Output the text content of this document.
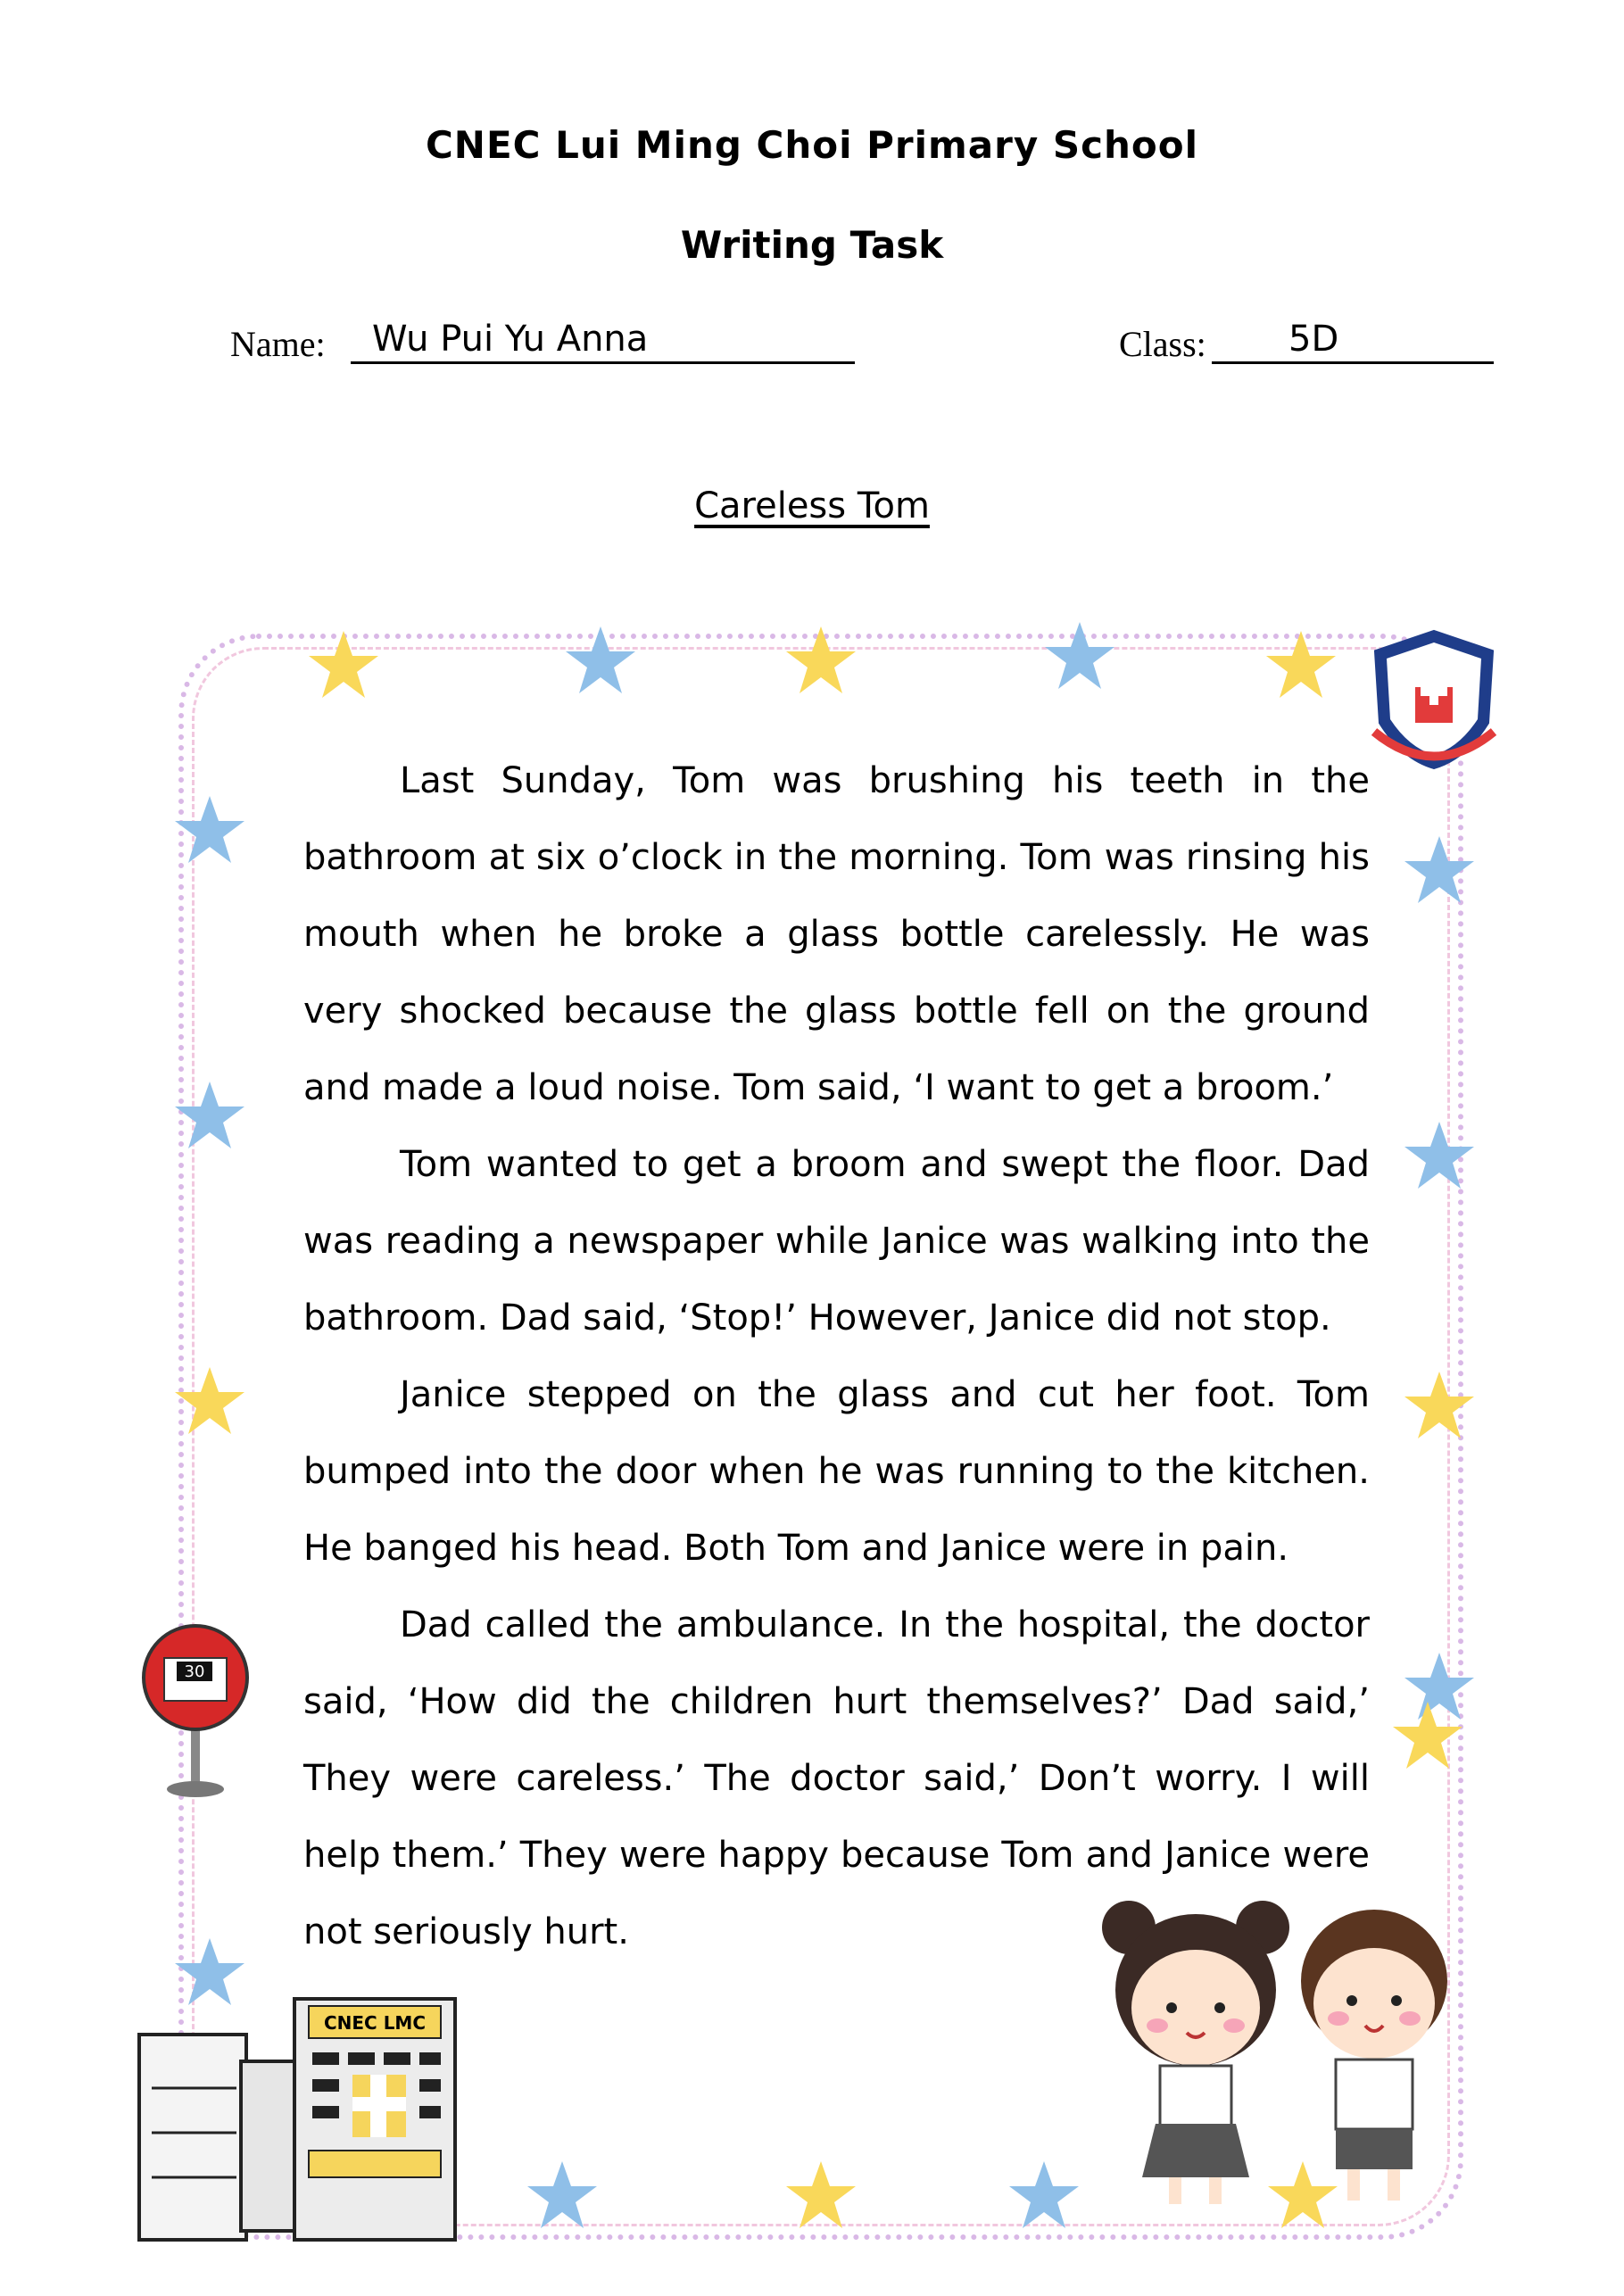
CNEC Lui Ming Choi Primary School
Writing Task
Name:	Wu Pui Yu Anna	Class:	5D
Careless Tom
30
CNEC LMC

Last Sunday, Tom was brushing his teeth in the bathroom at six o’clock in the morning. Tom was rinsing his mouth when he broke a glass bottle carelessly. He was very shocked because the glass bottle fell on the ground and made a loud noise. Tom said, ‘I want to get a broom.’

Tom wanted to get a broom and swept the floor. Dad was reading a newspaper while Janice was walking into the bathroom. Dad said, ‘Stop!’ However, Janice did not stop.

Janice stepped on the glass and cut her foot. Tom bumped into the door when he was running to the kitchen. He banged his head. Both Tom and Janice were in pain.

Dad called the ambulance. In the hospital, the doctor said, ‘How did the children hurt themselves?’ Dad said,’ They were careless.’ The doctor said,’ Don’t worry. I will help them.’ They were happy because Tom and Janice were not seriously hurt.
